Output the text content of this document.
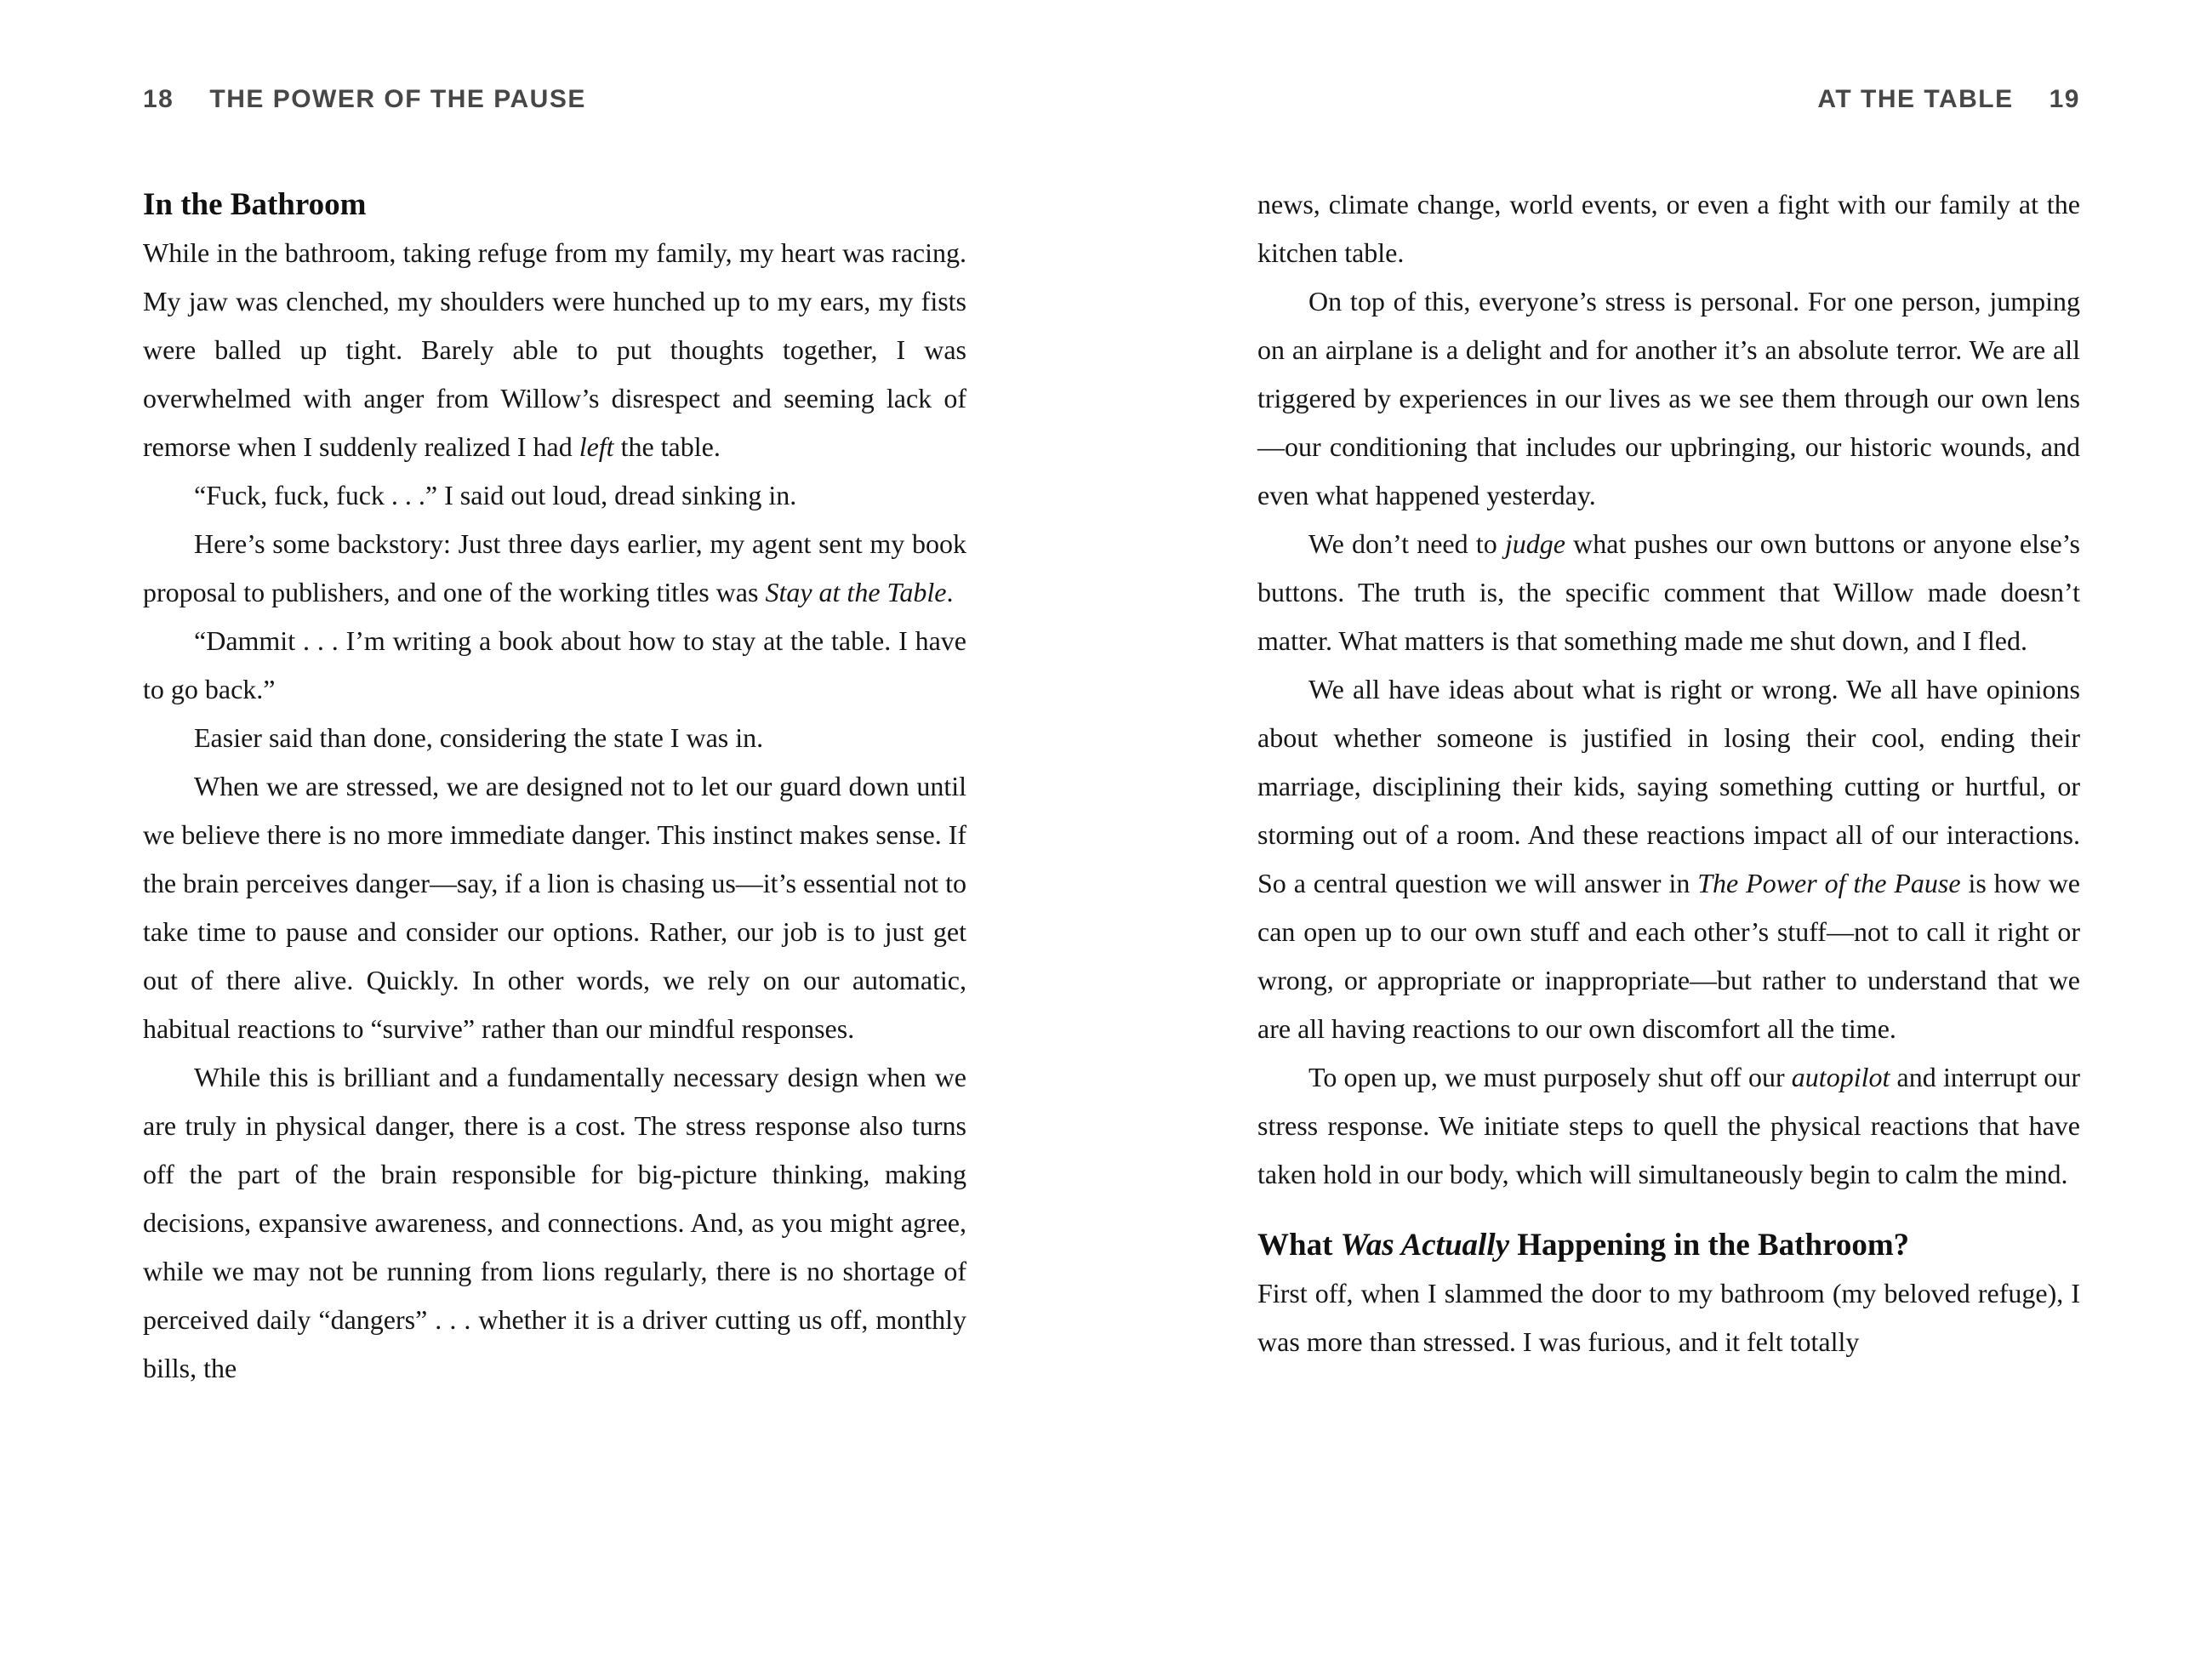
18 THE POWER OF THE PAUSE
In the Bathroom

While in the bathroom, taking refuge from my family, my heart was racing. My jaw was clenched, my shoulders were hunched up to my ears, my fists were balled up tight. Barely able to put thoughts together, I was overwhelmed with anger from Willow’s disrespect and seeming lack of remorse when I suddenly realized I had left the table.

“Fuck, fuck, fuck . . .” I said out loud, dread sinking in.

Here’s some backstory: Just three days earlier, my agent sent my book proposal to publishers, and one of the working titles was Stay at the Table.

“Dammit . . . I’m writing a book about how to stay at the table. I have to go back.”

Easier said than done, considering the state I was in.

When we are stressed, we are designed not to let our guard down until we believe there is no more immediate danger. This instinct makes sense. If the brain perceives danger—say, if a lion is chasing us—it’s essential not to take time to pause and consider our options. Rather, our job is to just get out of there alive. Quickly. In other words, we rely on our automatic, habitual reactions to “survive” rather than our mindful responses.

While this is brilliant and a fundamentally necessary design when we are truly in physical danger, there is a cost. The stress response also turns off the part of the brain responsible for big-picture thinking, making decisions, expansive awareness, and connections. And, as you might agree, while we may not be running from lions regularly, there is no shortage of perceived daily “dangers” . . . whether it is a driver cutting us off, monthly bills, the

AT THE TABLE 19

news, climate change, world events, or even a fight with our family at the kitchen table.

On top of this, everyone’s stress is personal. For one person, jumping on an airplane is a delight and for another it’s an absolute terror. We are all triggered by experiences in our lives as we see them through our own lens—our conditioning that includes our upbringing, our historic wounds, and even what happened yesterday.

We don’t need to judge what pushes our own buttons or anyone else’s buttons. The truth is, the specific comment that Willow made doesn’t matter. What matters is that something made me shut down, and I fled.

We all have ideas about what is right or wrong. We all have opinions about whether someone is justified in losing their cool, ending their marriage, disciplining their kids, saying something cutting or hurtful, or storming out of a room. And these reactions impact all of our interactions. So a central question we will answer in The Power of the Pause is how we can open up to our own stuff and each other’s stuff—not to call it right or wrong, or appropriate or inappropriate—but rather to understand that we are all having reactions to our own discomfort all the time.

To open up, we must purposely shut off our autopilot and interrupt our stress response. We initiate steps to quell the physical reactions that have taken hold in our body, which will simultaneously begin to calm the mind.

What Was Actually Happening in the Bathroom?

First off, when I slammed the door to my bathroom (my beloved refuge), I was more than stressed. I was furious, and it felt totally
